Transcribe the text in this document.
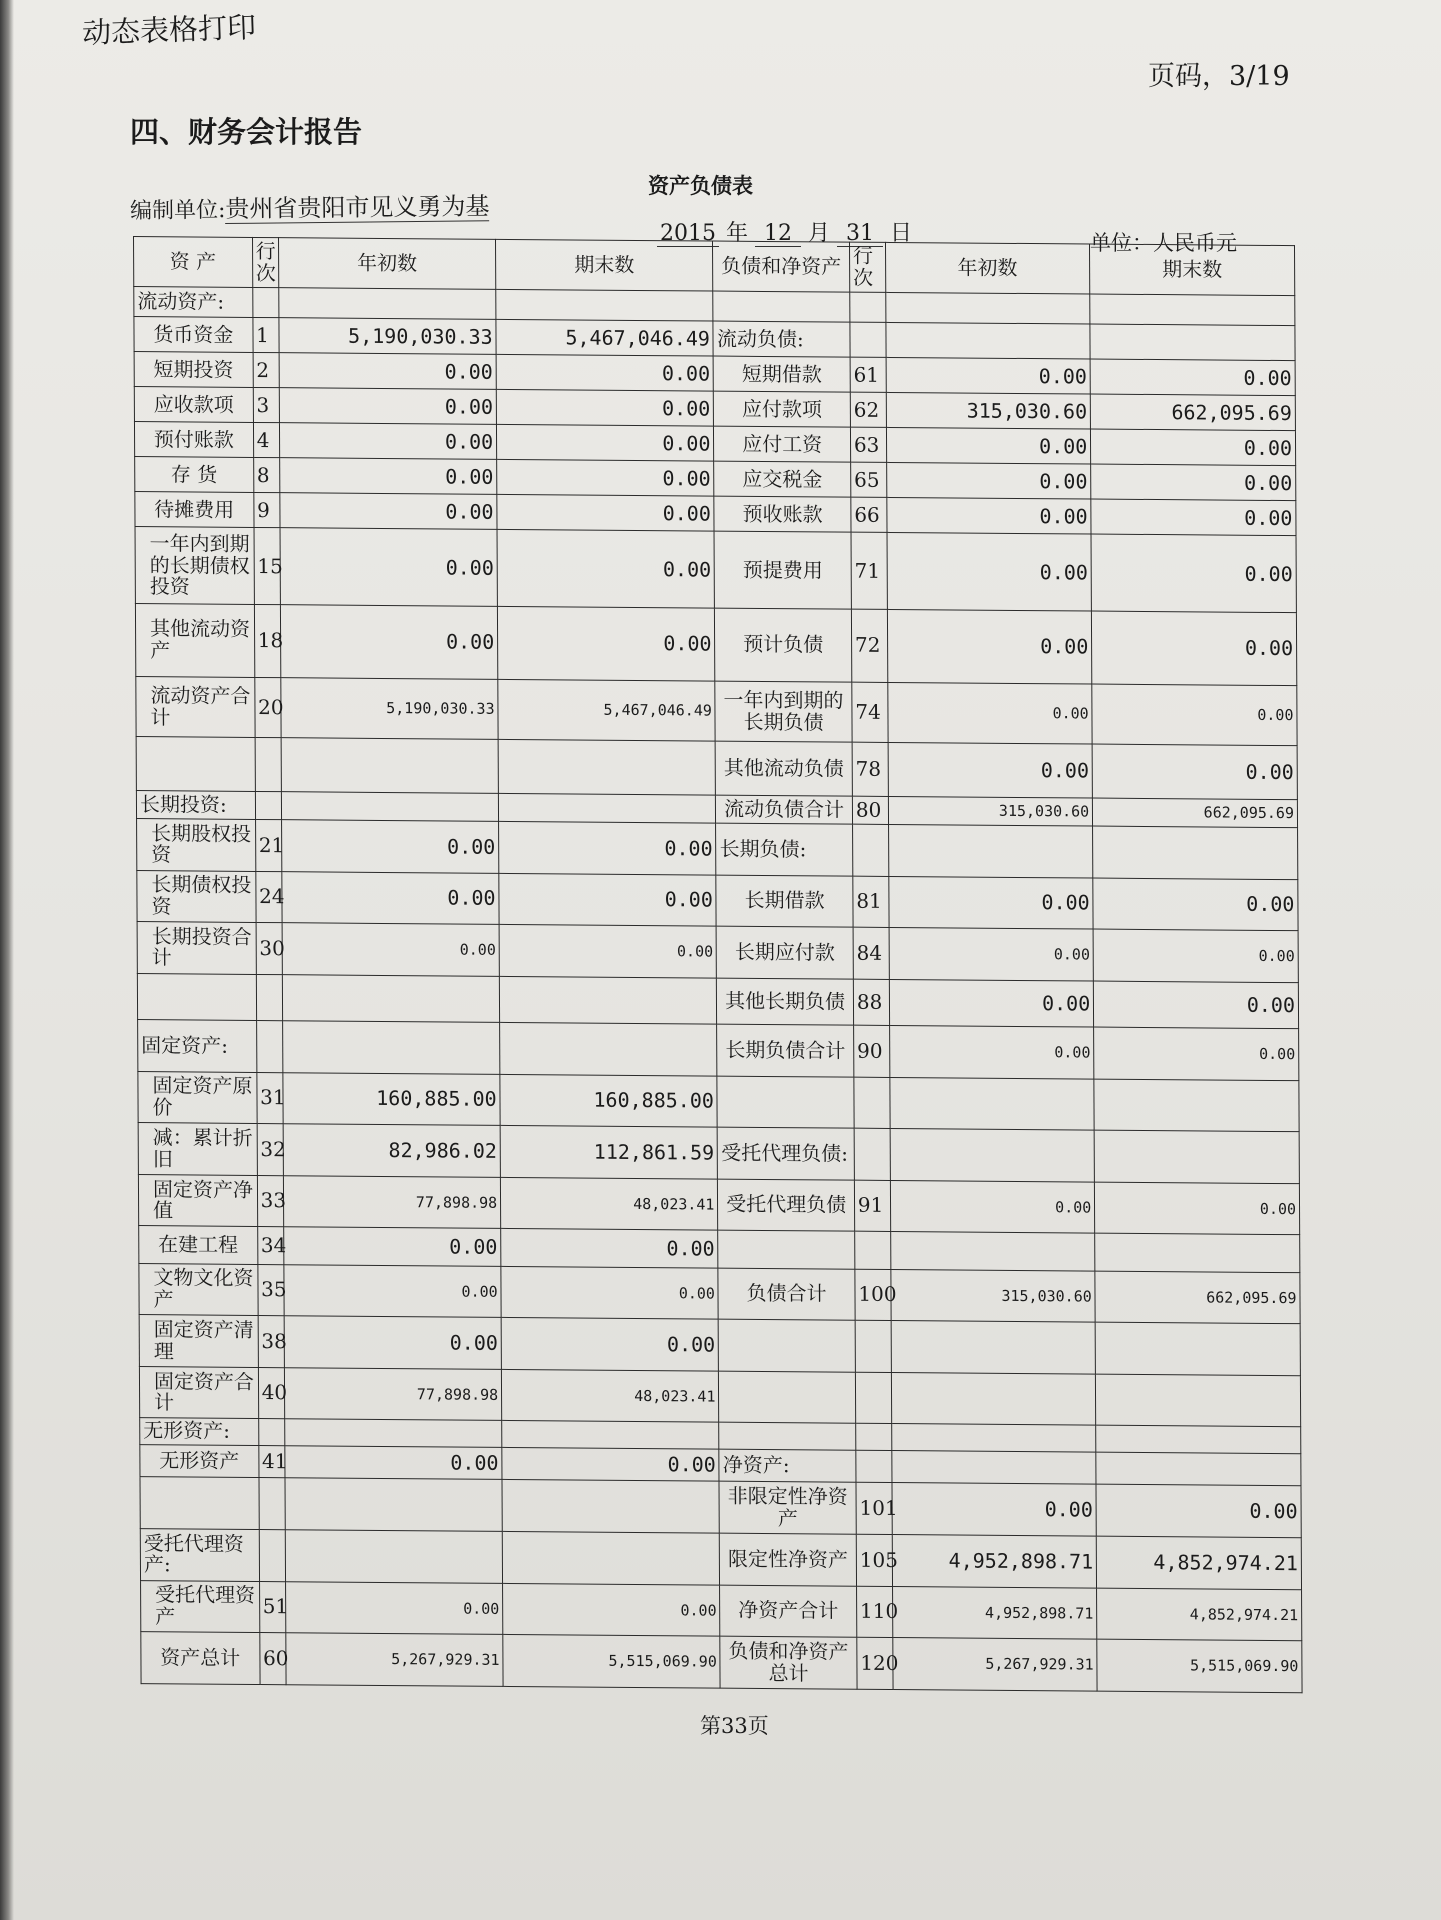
动态表格打印
页码，3/19
四、财务会计报告
资产负债表
编制单位:贵州省贵阳市见义勇为基
2015 年 12 月 31 日	单位：人民币元
资 产	行次	年初数	期末数	负债和净资产	行次	年初数	期末数
流动资产:							
货币资金	1	5,190,030.33	5,467,046.49	流动负债:			
短期投资	2	0.00	0.00	短期借款	61	0.00	0.00
应收款项	3	0.00	0.00	应付款项	62	315,030.60	662,095.69
预付账款	4	0.00	0.00	应付工资	63	0.00	0.00
存 货	8	0.00	0.00	应交税金	65	0.00	0.00
待摊费用	9	0.00	0.00	预收账款	66	0.00	0.00
一年内到期的长期债权投资	15	0.00	0.00	预提费用	71	0.00	0.00
其他流动资产	18	0.00	0.00	预计负债	72	0.00	0.00
流动资产合计	20	5,190,030.33	5,467,046.49	一年内到期的长期负债	74	0.00	0.00
				其他流动负债	78	0.00	0.00
长期投资:				流动负债合计	80	315,030.60	662,095.69
长期股权投资	21	0.00	0.00	长期负债:			
长期债权投资	24	0.00	0.00	长期借款	81	0.00	0.00
长期投资合计	30	0.00	0.00	长期应付款	84	0.00	0.00
				其他长期负债	88	0.00	0.00
固定资产:				长期负债合计	90	0.00	0.00
固定资产原价	31	160,885.00	160,885.00				
减：累计折旧	32	82,986.02	112,861.59	受托代理负债:			
固定资产净值	33	77,898.98	48,023.41	受托代理负债	91	0.00	0.00
在建工程	34	0.00	0.00				
文物文化资产	35	0.00	0.00	负债合计	100	315,030.60	662,095.69
固定资产清理	38	0.00	0.00				
固定资产合计	40	77,898.98	48,023.41				
无形资产:							
无形资产	41	0.00	0.00	净资产:			
				非限定性净资产	101	0.00	0.00
受托代理资产:				限定性净资产	105	4,952,898.71	4,852,974.21
受托代理资产	51	0.00	0.00	净资产合计	110	4,952,898.71	4,852,974.21
资产总计	60	5,267,929.31	5,515,069.90	负债和净资产总计	120	5,267,929.31	5,515,069.90
第33页
